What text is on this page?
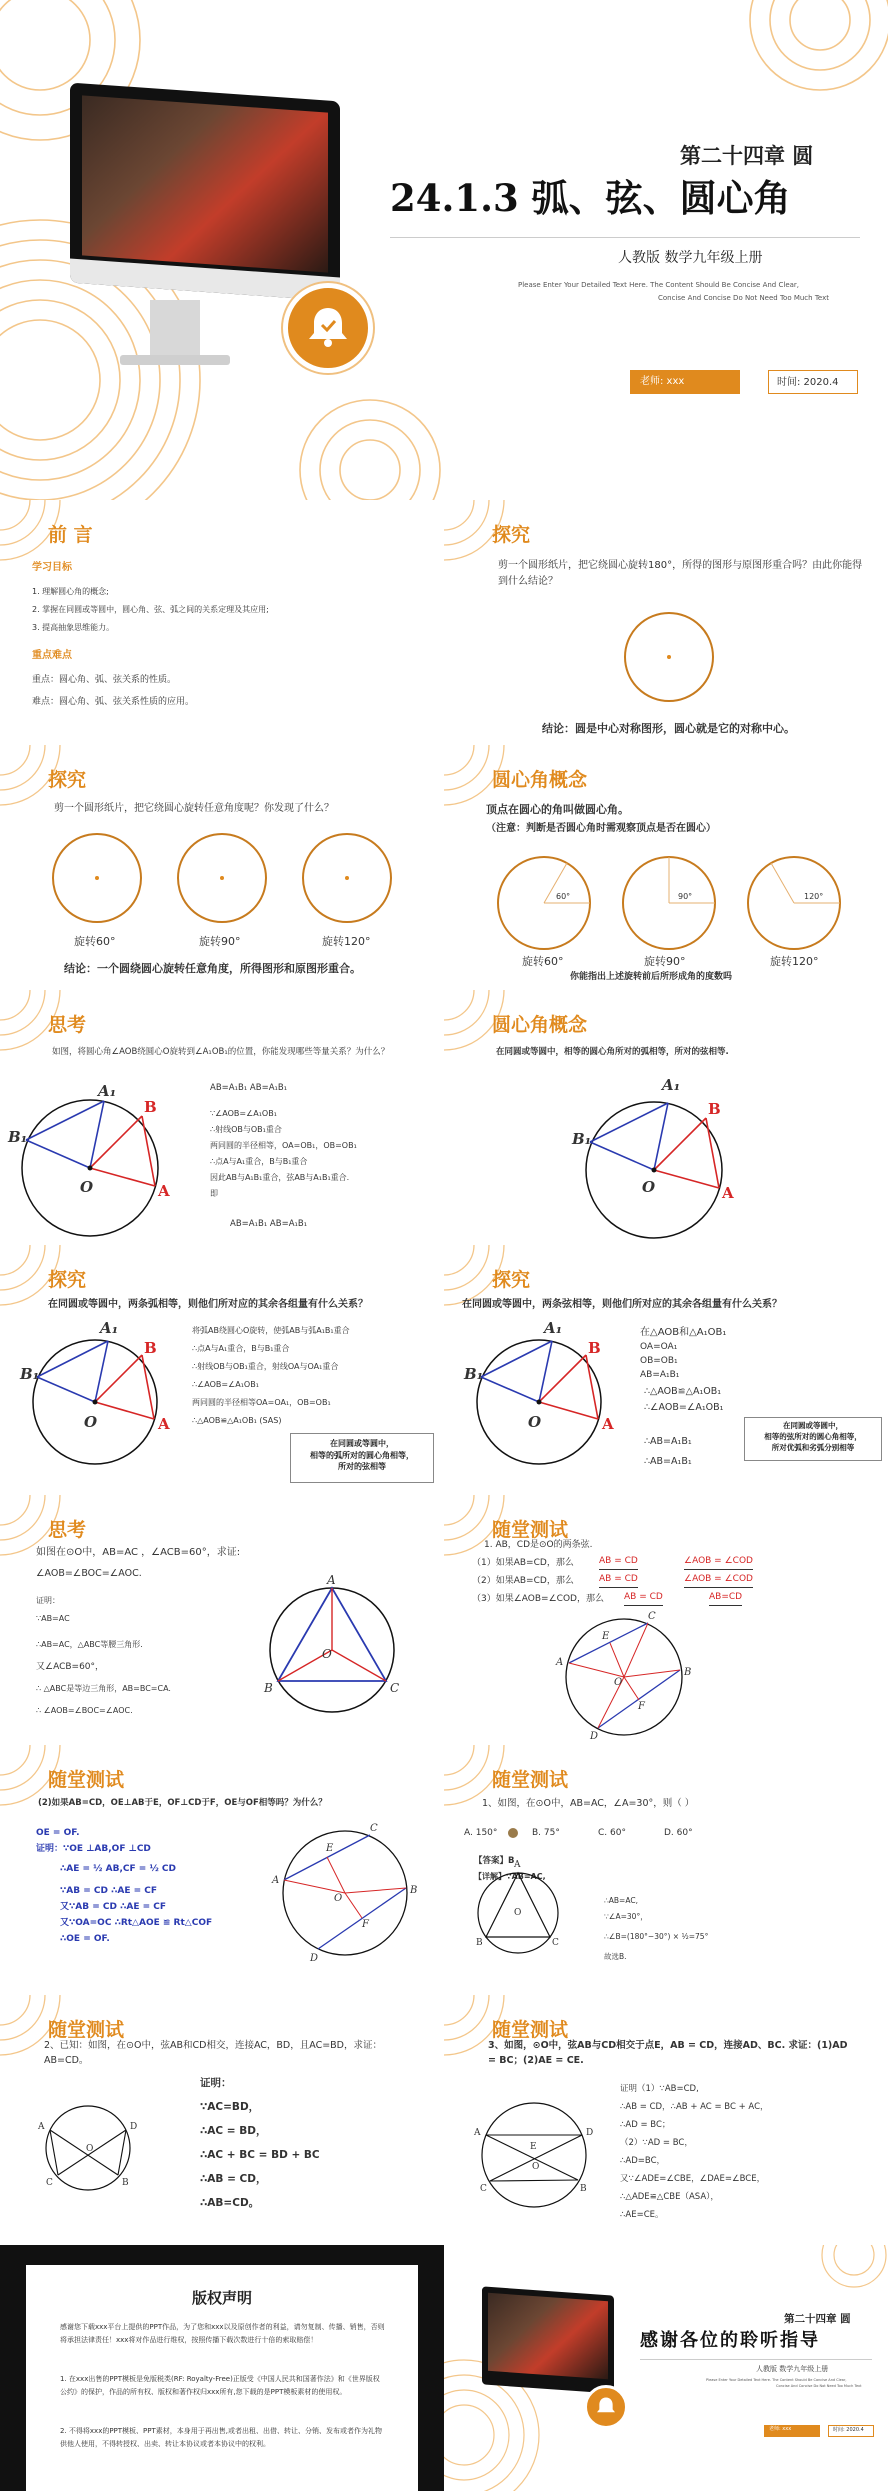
第二十四章 圆
24.1.3 弧、弦、圆心角
人教版 数学九年级上册
Please Enter Your Detailed Text Here. The Content Should Be Concise And Clear,
Concise And Concise Do Not Need Too Much Text
老师: xxx	时间: 2020.4
前 言
学习目标
1. 理解圆心角的概念;
2. 掌握在同圆或等圆中，圆心角、弦、弧之间的关系定理及其应用;
3. 提高抽象思维能力。
重点难点
重点：圆心角、弧、弦关系的性质。
难点：圆心角、弧、弦关系性质的应用。
探究
剪一个圆形纸片，把它绕圆心旋转180°，所得的图形与原图形重合吗？由此你能得到什么结论？
结论：圆是中心对称图形，圆心就是它的对称中心。
探究
剪一个圆形纸片，把它绕圆心旋转任意角度呢？你发现了什么？
旋转60°	旋转90°	旋转120°
结论：一个圆绕圆心旋转任意角度，所得图形和原图形重合。
圆心角概念
顶点在圆心的角叫做圆心角。
（注意：判断是否圆心角时需观察顶点是否在圆心）
60°	90°	120°
旋转60°	旋转90°	旋转120°
你能指出上述旋转前后所形成角的度数吗
思考
如图，将圆心角∠AOB绕圆心O旋转到∠A₁OB₁的位置，你能发现哪些等量关系？为什么？
A₁
B
B₁
O	A
AB=A₁B₁ AB=A₁B₁
∵∠AOB=∠A₁OB₁
∴射线OB与OB₁重合
两同圆的半径相等，OA=OB₁，OB=OB₁
∴点A与A₁重合，B与B₁重合
因此AB与A₁B₁重合，弦AB与A₁B₁重合.
即
AB=A₁B₁ AB=A₁B₁
圆心角概念
在同圆或等圆中，相等的圆心角所对的弧相等，所对的弦相等.
A₁
B
B₁
O	A
探究
在同圆或等圆中，两条弧相等，则他们所对应的其余各组量有什么关系？
A₁
B
B₁
O	A
将弧AB绕圆心O旋转，使弧AB与弧A₁B₁重合
∴点A与A₁重合，B与B₁重合
∴射线OB与OB₁重合，射线OA与OA₁重合
∴∠AOB=∠A₁OB₁
两同圆的半径相等OA=OA₁，OB=OB₁
∴△AOB≌△A₁OB₁ (SAS)
在同圆或等圆中，
相等的弧所对的圆心角相等，
所对的弦相等
探究
在同圆或等圆中，两条弦相等，则他们所对应的其余各组量有什么关系？
A₁
B
B₁
O	A
在△AOB和△A₁OB₁
OA=OA₁
OB=OB₁
AB=A₁B₁
∴△AOB≌△A₁OB₁
∴∠AOB=∠A₁OB₁
∴AB=A₁B₁
∴AB=A₁B₁
在同圆或等圆中，
相等的弦所对的圆心角相等，
所对优弧和劣弧分别相等
思考
如图在⊙O中，AB=AC ，∠ACB=60°，求证:
∠AOB=∠BOC=∠AOC.
证明：
∵AB=AC
∴AB=AC，△ABC等腰三角形.
又∠ACB=60°，
∴ △ABC是等边三角形，AB=BC=CA.
∴ ∠AOB=∠BOC=∠AOC.
A
O
B	C
随堂测试
1. AB，CD是⊙O的两条弦.
（1）如果AB=CD，那么
（2）如果AB=CD，那么
（3）如果∠AOB=∠COD，那么
AB = CD	∠AOB = ∠COD
AB = CD	∠AOB = ∠COD
AB = CD	AB=CD
A
E
C
B
O
F
D
随堂测试
(2)如果AB=CD，OE⊥AB于E，OF⊥CD于F，OE与OF相等吗？为什么？
OE = OF.
证明：∵OE ⊥AB,OF ⊥CD
∴AE = ½ AB,CF = ½ CD
∵AB = CD ∴AE = CF
又∵AB = CD ∴AE = CF
又∵OA=OC ∴Rt△AOE ≌ Rt△COF
∴OE = OF.
A
E
C
B
O
F
D
随堂测试
1、如图，在⊙O中，AB=AC，∠A=30°，则（ ）
A. 150°	B. 75°	C. 60°	D. 60°
【答案】B
【详解】∵AB=AC,
∴AB=AC,
∵∠A=30°，
∴∠B=(180°−30°) × ½=75°
故选B.
A
O
B	C
随堂测试
2、已知：如图，在⊙O中，弦AB和CD相交，连接AC，BD，且AC=BD，求证：AB=CD。
A	D
O
C	B
证明：
∵AC=BD，
∴AC = BD，
∴AC + BC = BD + BC
∴AB = CD，
∴AB=CD。
随堂测试
3、如图，⊙O中，弦AB与CD相交于点E，AB = CD，连接AD、BC. 求证：(1)AD = BC；(2)AE = CE.
A	D
E
O
C	B
证明（1）∵AB=CD,
∴AB = CD，∴AB + AC = BC + AC，
∴AD = BC；
（2）∵AD = BC，
∴AD=BC，
又∵∠ADE=∠CBE，∠DAE=∠BCE，
∴△ADE≌△CBE（ASA），
∴AE=CE。
版权声明
感谢您下载xxx平台上提供的PPT作品，为了您和xxx以及原创作者的利益，请勿复制、传播、销售，否则将承担法律责任！xxx将对作品进行维权，按照传播下载次数进行十倍的索取赔偿！
1. 在xxx出售的PPT模板是免版税类(RF: Royalty-Free)正版受《中国人民共和国著作法》和《世界版权公约》的保护，作品的所有权、版权和著作权归xxx所有,您下载的是PPT模板素材的使用权。
2. 不得将xxx的PPT模板、PPT素材，本身用于再出售,或者出租、出借、转让、分销、发布或者作为礼物供他人使用，不得转授权、出卖、转让本协议或者本协议中的权利。
第二十四章 圆
感谢各位的聆听指导
人教版 数学九年级上册
Please Enter Your Detailed Text Here. The Content Should Be Concise And Clear,
Concise And Concise Do Not Need Too Much Text
老师: xxx	时间: 2020.4
